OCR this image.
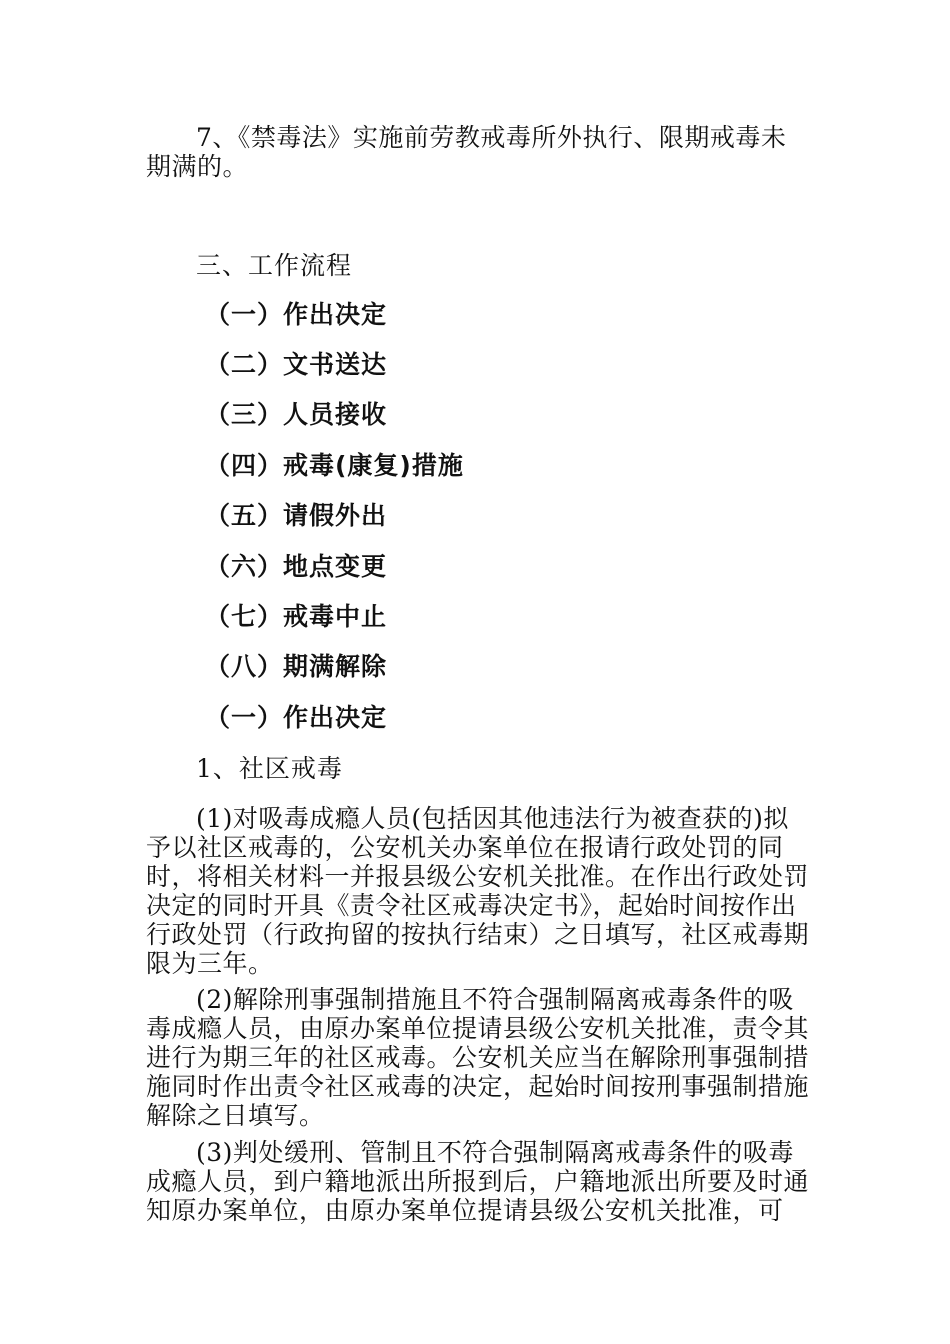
7、《禁毒法》实施前劳教戒毒所外执行、限期戒毒未期满的。
三、工作流程
（一）作出决定
（二）文书送达
（三）人员接收
（四）戒毒(康复)措施
（五）请假外出
（六）地点变更
（七）戒毒中止
（八）期满解除
（一）作出决定
1、社区戒毒
(1)对吸毒成瘾人员(包括因其他违法行为被查获的)拟予以社区戒毒的，公安机关办案单位在报请行政处罚的同时，将相关材料一并报县级公安机关批准。在作出行政处罚决定的同时开具《责令社区戒毒决定书》，起始时间按作出行政处罚（行政拘留的按执行结束）之日填写，社区戒毒期限为三年。
(2)解除刑事强制措施且不符合强制隔离戒毒条件的吸毒成瘾人员，由原办案单位提请县级公安机关批准，责令其进行为期三年的社区戒毒。公安机关应当在解除刑事强制措施同时作出责令社区戒毒的决定，起始时间按刑事强制措施解除之日填写。
(3)判处缓刑、管制且不符合强制隔离戒毒条件的吸毒成瘾人员，到户籍地派出所报到后，户籍地派出所要及时通知原办案单位，由原办案单位提请县级公安机关批准，可
